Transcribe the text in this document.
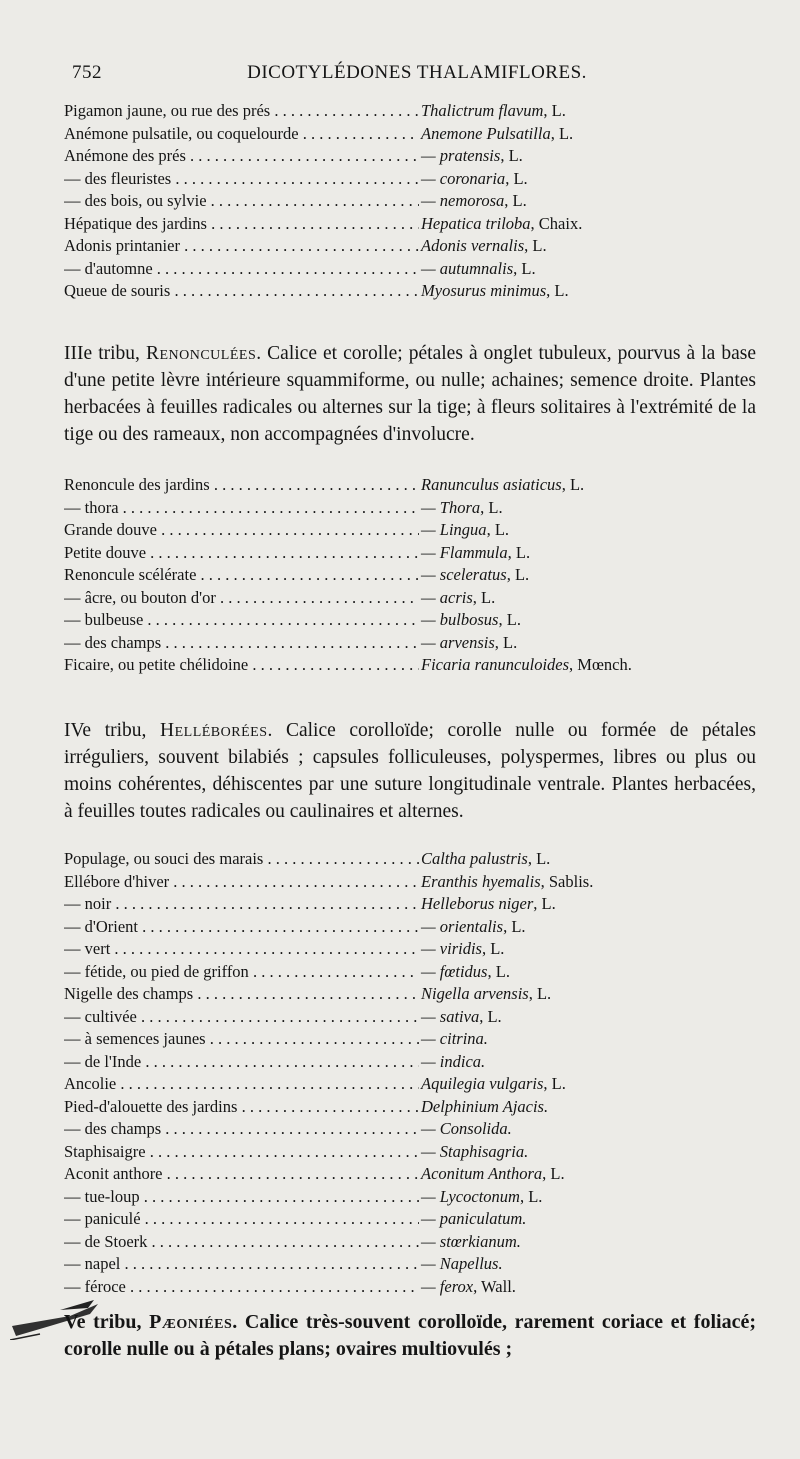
752	DICOTYLÉDONES THALAMIFLORES.
Pigamon jaune, ou rue des prés . . .	Thalictrum flavum, L.
Anémone pulsatile, ou coquelourde . . .	Anemone Pulsatilla, L.
Anémone des prés . . .	— pratensis, L.
— des fleuristes . . .	— coronaria, L.
— des bois, ou sylvie . . .	— nemorosa, L.
Hépatique des jardins . . .	Hepatica triloba, Chaix.
Adonis printanier . . .	Adonis vernalis, L.
— d'automne . . .	— autumnalis, L.
Queue de souris . . .	Myosurus minimus, L.

IIIe tribu, Renonculées. Calice et corolle; pétales à onglet tubuleux, pourvus à la base d'une petite lèvre intérieure squammiforme, ou nulle; achaines; semence droite. Plantes herbacées à feuilles radicales ou alternes sur la tige; à fleurs solitaires à l'extrémité de la tige ou des rameaux, non accompagnées d'involucre.

Renoncule des jardins . . .	Ranunculus asiaticus, L.
— thora . . .	— Thora, L.
Grande douve . . .	— Lingua, L.
Petite douve . . .	— Flammula, L.
Renoncule scélérate . . .	— sceleratus, L.
— âcre, ou bouton d'or . . .	— acris, L.
— bulbeuse . . .	— bulbosus, L.
— des champs . . .	— arvensis, L.
Ficaire, ou petite chélidoine . . .	Ficaria ranunculoides, Mœnch.

IVe tribu, Helléborées. Calice corolloïde; corolle nulle ou formée de pétales irréguliers, souvent bilabiés ; capsules folliculeuses, polyspermes, libres ou plus ou moins cohérentes, déhiscentes par une suture longitudinale ventrale. Plantes herbacées, à feuilles toutes radicales ou caulinaires et alternes.

Populage, ou souci des marais . . .	Caltha palustris, L.
Ellébore d'hiver . . .	Eranthis hyemalis, Sablis.
— noir . . .	Helleborus niger, L.
— d'Orient . . .	— orientalis, L.
— vert . . .	— viridis, L.
— fétide, ou pied de griffon . . .	— fœtidus, L.
Nigelle des champs . . .	Nigella arvensis, L.
— cultivée . . .	— sativa, L.
— à semences jaunes . . .	— citrina.
— de l'Inde . . .	— indica.
Ancolie . . .	Aquilegia vulgaris, L.
Pied-d'alouette des jardins . . .	Delphinium Ajacis.
— des champs . . .	— Consolida.
Staphisaigre . . .	— Staphisagria.
Aconit anthore . . .	Aconitum Anthora, L.
— tue-loup . . .	— Lycoctonum, L.
— paniculé . . .	— paniculatum.
— de Stoerk . . .	— stœrkianum.
— napel . . .	— Napellus.
— féroce . . .	— ferox, Wall.

Ve tribu, Pæoniées. Calice très-souvent corolloïde, rarement coriace et foliacé; corolle nulle ou à pétales plans; ovaires multiovulés ;
